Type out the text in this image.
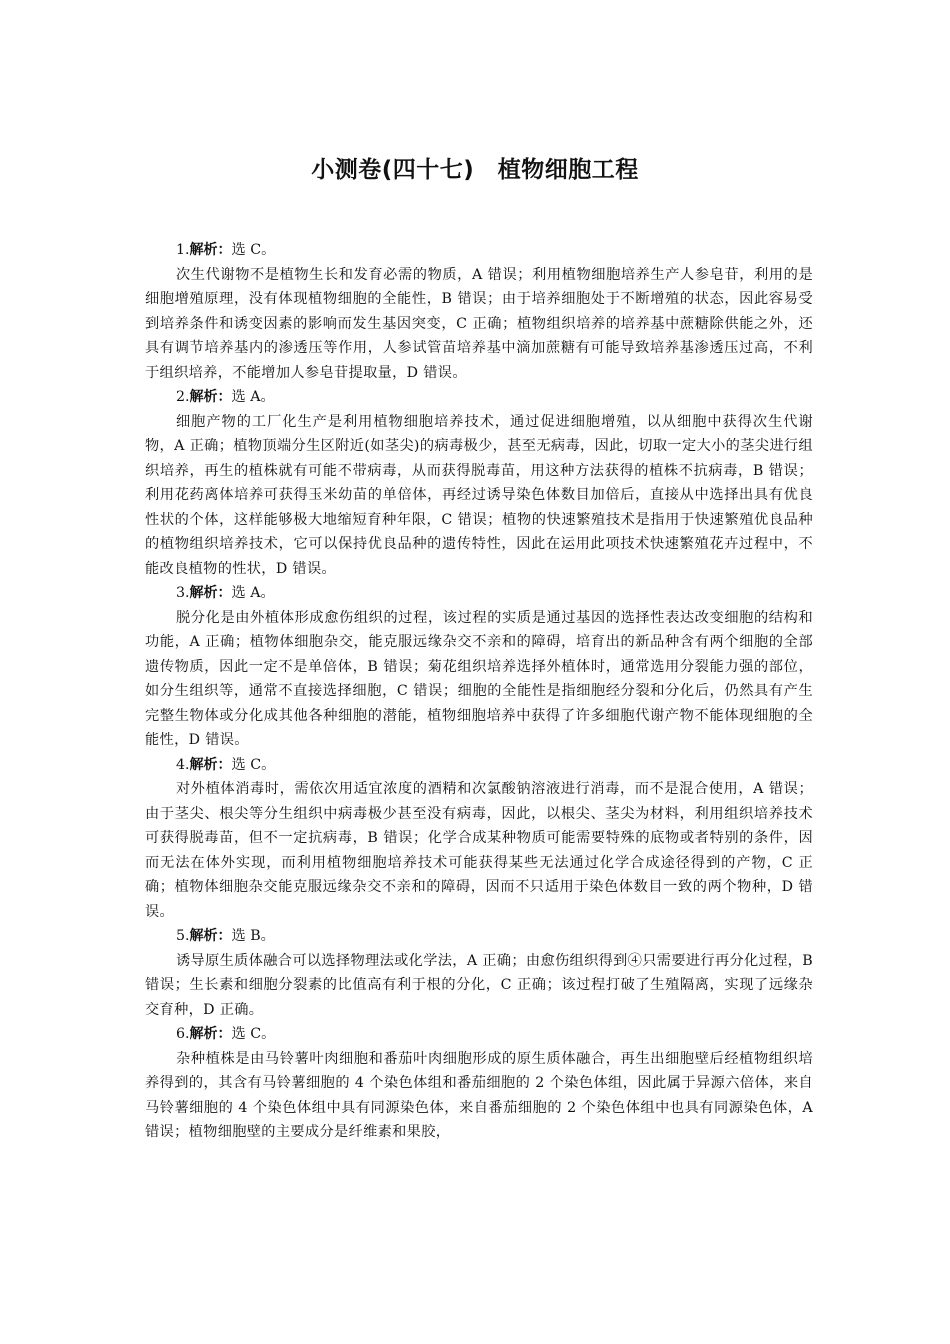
小测卷(四十七)　植物细胞工程

1.解析：选 C。

次生代谢物不是植物生长和发育必需的物质，A 错误；利用植物细胞培养生产人参皂苷，利用的是细胞增殖原理，没有体现植物细胞的全能性，B 错误；由于培养细胞处于不断增殖的状态，因此容易受到培养条件和诱变因素的影响而发生基因突变，C 正确；植物组织培养的培养基中蔗糖除供能之外，还具有调节培养基内的渗透压等作用，人参试管苗培养基中滴加蔗糖有可能导致培养基渗透压过高，不利于组织培养，不能增加人参皂苷提取量，D 错误。

2.解析：选 A。

细胞产物的工厂化生产是利用植物细胞培养技术，通过促进细胞增殖，以从细胞中获得次生代谢物，A 正确；植物顶端分生区附近(如茎尖)的病毒极少，甚至无病毒，因此，切取一定大小的茎尖进行组织培养，再生的植株就有可能不带病毒，从而获得脱毒苗，用这种方法获得的植株不抗病毒，B 错误；利用花药离体培养可获得玉米幼苗的单倍体，再经过诱导染色体数目加倍后，直接从中选择出具有优良性状的个体，这样能够极大地缩短育种年限，C 错误；植物的快速繁殖技术是指用于快速繁殖优良品种的植物组织培养技术，它可以保持优良品种的遗传特性，因此在运用此项技术快速繁殖花卉过程中，不能改良植物的性状，D 错误。

3.解析：选 A。

脱分化是由外植体形成愈伤组织的过程，该过程的实质是通过基因的选择性表达改变细胞的结构和功能，A 正确；植物体细胞杂交，能克服远缘杂交不亲和的障碍，培育出的新品种含有两个细胞的全部遗传物质，因此一定不是单倍体，B 错误；菊花组织培养选择外植体时，通常选用分裂能力强的部位，如分生组织等，通常不直接选择细胞，C 错误；细胞的全能性是指细胞经分裂和分化后，仍然具有产生完整生物体或分化成其他各种细胞的潜能，植物细胞培养中获得了许多细胞代谢产物不能体现细胞的全能性，D 错误。

4.解析：选 C。

对外植体消毒时，需依次用适宜浓度的酒精和次氯酸钠溶液进行消毒，而不是混合使用，A 错误；由于茎尖、根尖等分生组织中病毒极少甚至没有病毒，因此，以根尖、茎尖为材料，利用组织培养技术可获得脱毒苗，但不一定抗病毒，B 错误；化学合成某种物质可能需要特殊的底物或者特别的条件，因而无法在体外实现，而利用植物细胞培养技术可能获得某些无法通过化学合成途径得到的产物，C 正确；植物体细胞杂交能克服远缘杂交不亲和的障碍，因而不只适用于染色体数目一致的两个物种，D 错误。

5.解析：选 B。

诱导原生质体融合可以选择物理法或化学法，A 正确；由愈伤组织得到④只需要进行再分化过程，B 错误；生长素和细胞分裂素的比值高有利于根的分化，C 正确；该过程打破了生殖隔离，实现了远缘杂交育种，D 正确。

6.解析：选 C。

杂种植株是由马铃薯叶肉细胞和番茄叶肉细胞形成的原生质体融合，再生出细胞壁后经植物组织培养得到的，其含有马铃薯细胞的 4 个染色体组和番茄细胞的 2 个染色体组，因此属于异源六倍体，来自马铃薯细胞的 4 个染色体组中具有同源染色体，来自番茄细胞的 2 个染色体组中也具有同源染色体，A 错误；植物细胞壁的主要成分是纤维素和果胶，
